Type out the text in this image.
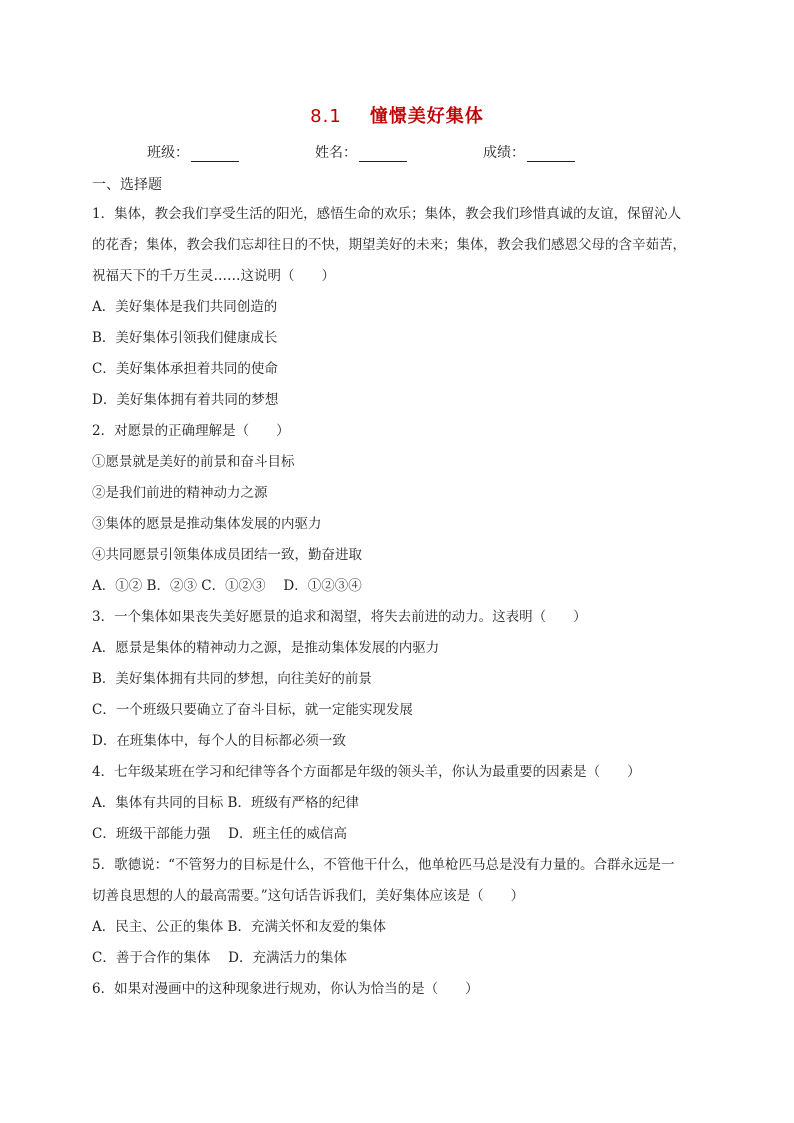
8.1 憧憬美好集体
班级：	姓名：	成绩：
一、选择题
1．集体，教会我们享受生活的阳光，感悟生命的欢乐；集体，教会我们珍惜真诚的友谊，保留沁人
的花香；集体，教会我们忘却往日的不快，期望美好的未来；集体，教会我们感恩父母的含辛茹苦，
祝福天下的千万生灵……这说明（　　）
A．美好集体是我们共同创造的
B．美好集体引领我们健康成长
C．美好集体承担着共同的使命
D．美好集体拥有着共同的梦想
2．对愿景的正确理解是（　　）
①愿景就是美好的前景和奋斗目标
②是我们前进的精神动力之源
③集体的愿景是推动集体发展的内驱力
④共同愿景引领集体成员团结一致，勤奋进取
A．①② B．②③ C．①②③ 　D．①②③④
3．一个集体如果丧失美好愿景的追求和渴望，将失去前进的动力。这表明（　　）
A．愿景是集体的精神动力之源，是推动集体发展的内驱力
B．美好集体拥有共同的梦想，向往美好的前景
C．一个班级只要确立了奋斗目标，就一定能实现发展
D．在班集体中，每个人的目标都必须一致
4．七年级某班在学习和纪律等各个方面都是年级的领头羊，你认为最重要的因素是（　　）
A．集体有共同的目标 B．班级有严格的纪律
C．班级干部能力强　 D．班主任的威信高
5．歌德说：“不管努力的目标是什么，不管他干什么，他单枪匹马总是没有力量的。合群永远是一
切善良思想的人的最高需要。”这句话告诉我们，美好集体应该是（　　）
A．民主、公正的集体 B．充满关怀和友爱的集体
C．善于合作的集体　 D．充满活力的集体
6．如果对漫画中的这种现象进行规劝，你认为恰当的是（　　）
